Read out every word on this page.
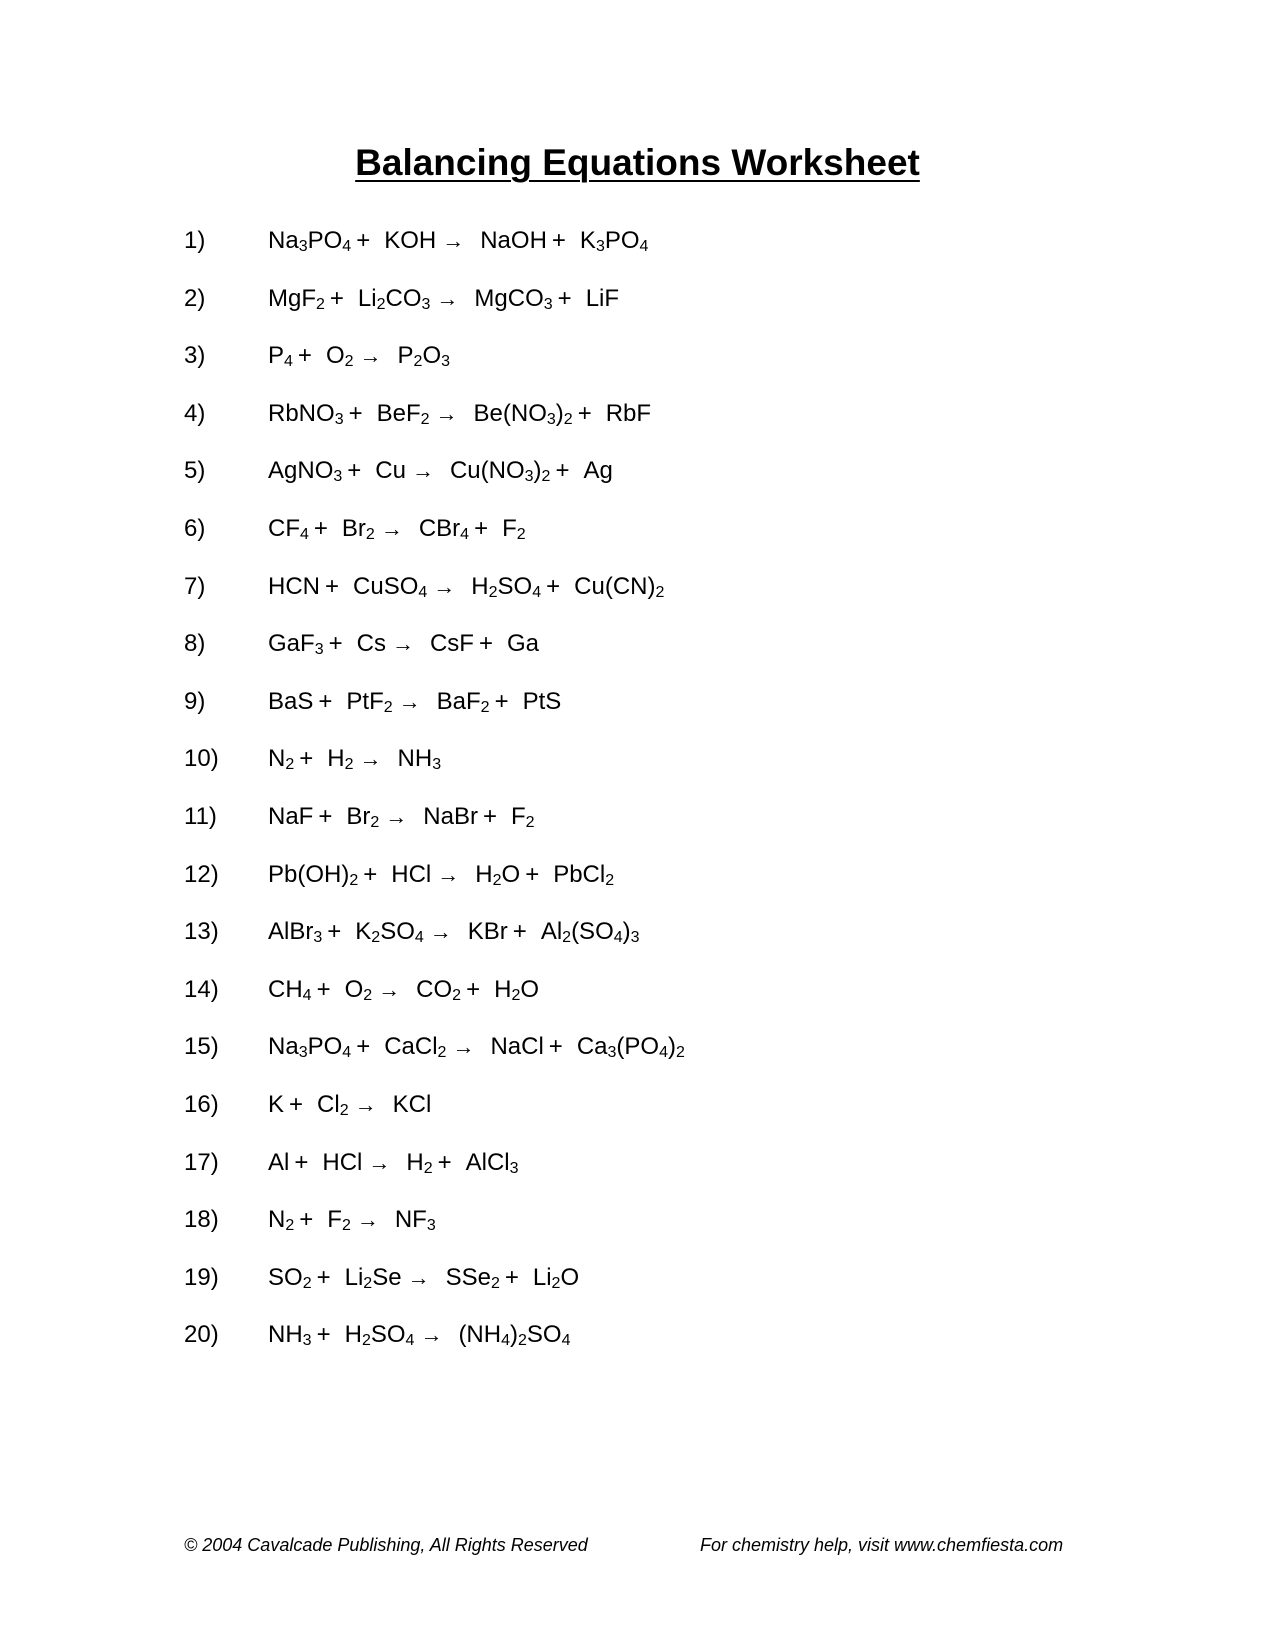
Balancing Equations Worksheet
1)	$Na_3PO_4$ + KOH → NaOH + $K_3PO_4$
2)	$MgF_2 + Li_2CO_3$ → MgCO$_3$ + LiF
3)	$P_4 + O_2 \to P_2O_3$
4)	RbNO$_3$ + $BeF_2 \to Be(NO_3)_2$ + RbF
5)	AgNO$_3$ + $Cu \to Cu(NO_3)_2 + Ag$
6)	$CF_4 + Br_2 \to CBr_4 + F_2$
7)	HCN + CuSO$_4$ → $H_2SO_4 + Cu(CN)_2$
8)	GaF$_3$ + Cs → CsF + Ga
9)	BaS + PtF$_2$ → BaF$_2$ + PtS
10)	$N_2 + H_2 \to NH_3$
11)	NaF + $Br_2$ → NaBr + $F_2$
12)	$Pb(OH)_2$ + HCl → $H_2O$ + PbCl$_2$
13)	AlBr$_3$ + $K_2SO_4$ → KBr + $Al_2(SO_4)_3$
14)	$CH_4 + O_2 \to CO_2 + H_2O$
15)	$Na_3PO_4$ + CaCl$_2$ → NaCl + $Ca_3(PO_4)_2$
16)	$K + Cl_2$ → KCl
17)	Al + HCl → $H_2$ + AlCl$_3$
18)	$N_2 + F_2 \to NF_3$
19)	$SO_2 + Li_2Se \to SSe_2 + Li_2O$
20)	$NH_3 + H_2SO_4 \to (NH_4)_2SO_4$
© 2004 Cavalcade Publishing, All Rights Reserved	For chemistry help, visit www.chemfiesta.com
